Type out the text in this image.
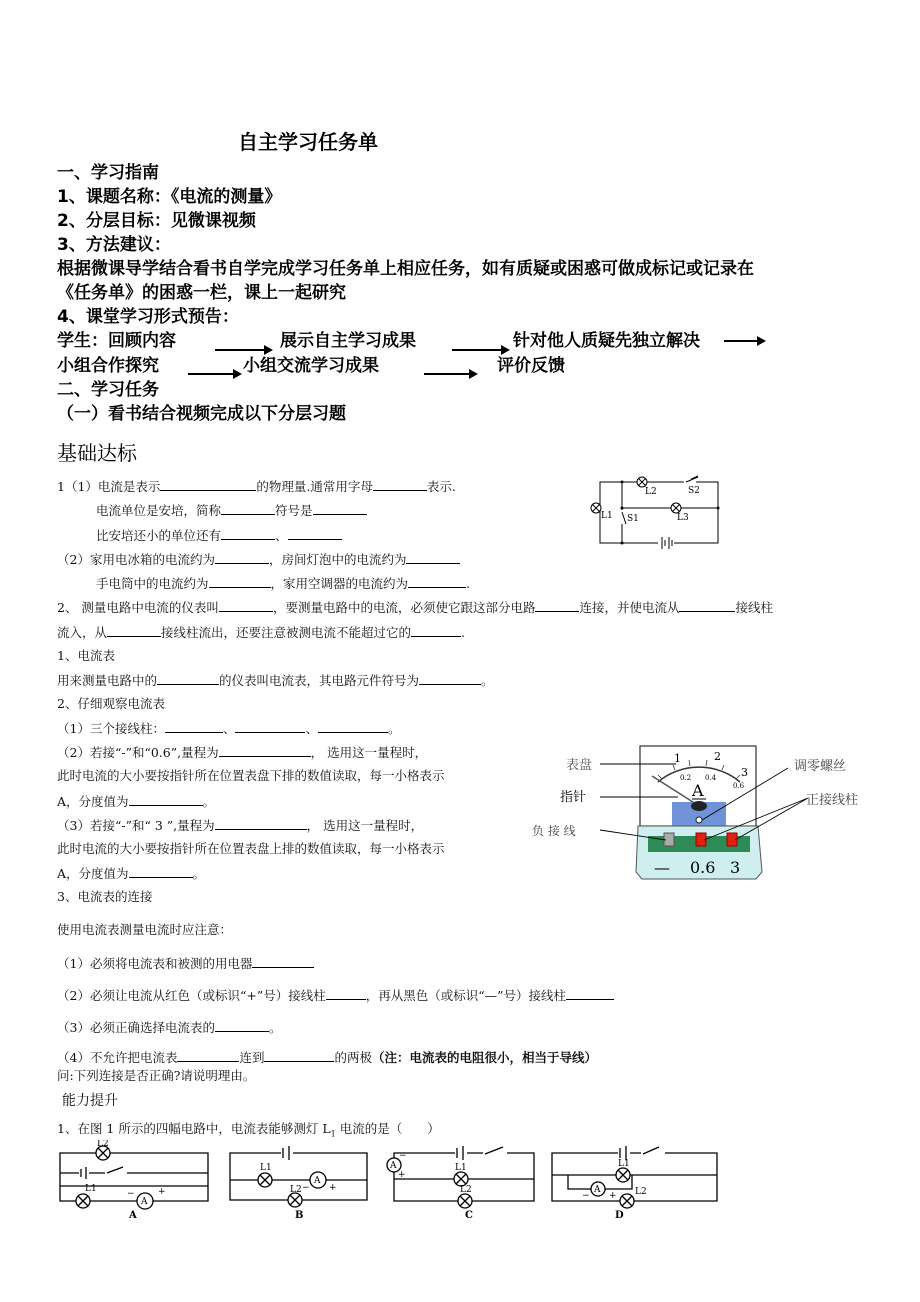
自主学习任务单
一、学习指南
1、课题名称：《电流的测量》
2、分层目标：见微课视频
3、方法建议：
根据微课导学结合看书自学完成学习任务单上相应任务，如有质疑或困惑可做成标记或记录在
《任务单》的困惑一栏，课上一起研究
4、课堂学习形式预告：
学生：回顾内容	展示自主学习成果	针对他人质疑先独立解决
小组合作探究	小组交流学习成果	评价反馈
二、学习任务
（一）看书结合视频完成以下分层习题
基础达标
1（1）电流是表示	的物理量.通常用字母	表示.
电流单位是安培，简称	符号是
比安培还小的单位还有	、
（2）家用电冰箱的电流约为	，房间灯泡中的电流约为
手电筒中的电流约为	，家用空调器的电流约为	.
2、 测量电路中电流的仪表叫	，要测量电路中的电流，必须使它跟这部分电路	连接，并使电流从	接线柱
流入，从	接线柱流出，还要注意被测电流不能超过它的	.
1、电流表
用来测量电路中的	的仪表叫电流表，其电路元件符号为	。
2、仔细观察电流表
（1）三个接线柱：	、	、	。
（2）若接“-”和“0.6”,量程为	， 选用这一量程时，
此时电流的大小要按指针所在位置表盘下排的数值读取，每一小格表示
A，分度值为	。
（3）若接“-”和“ 3 ”,量程为	， 选用这一量程时，
此时电流的大小要按指针所在位置表盘上排的数值读取，每一小格表示
A，分度值为	。
3、电流表的连接
使用电流表测量电流时应注意：
（1）必须将电流表和被测的用电器
（2）必须让电流从红色（或标识“+”号）接线柱	，再从黑色（或标识“—”号）接线柱
（3）必须正确选择电流表的	。
（4）不允许把电流表	连到	的两极（注：电流表的电阻很小，相当于导线）
问:下列连接是否正确?请说明理由。
能力提升
1、在图 1 所示的四幅电路中，电流表能够测灯 $L_1$ 电流的是（　　）
L2	S2
L3
L1 S1
1	2
3
0.2 0.4
0.6
A
— 0.6 3
表盘
指针
负 接 线
调零螺丝
正接线柱
L2
L1
A
−	+
L1
A
− +
L2
A
−
+
L1
L2
L1
A
− + L2
A	B	C	D
